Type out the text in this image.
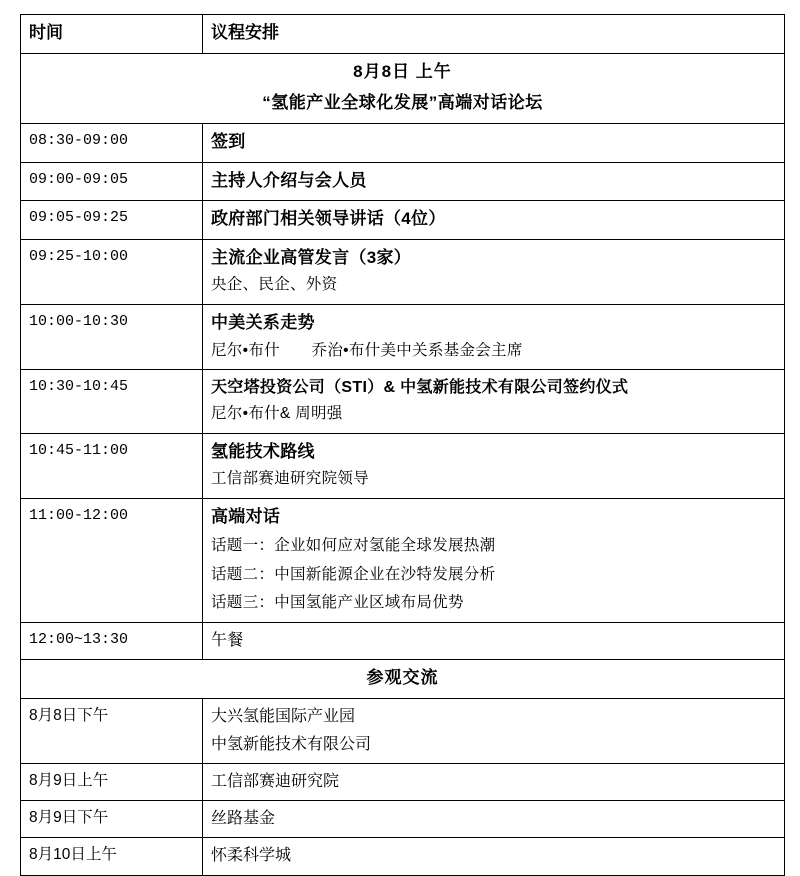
时间	议程安排

8月8日 上午
“氢能产业全球化发展”高端对话论坛	

08:30-09:00	签到

09:00-09:05	主持人介绍与会人员

09:05-09:25	政府部门相关领导讲话（4位）

09:25-10:00	主流企业高管发言（3家）
央企、民企、外资

10:00-10:30	中美关系走势
尼尔•布什　　乔治•布什美中关系基金会主席

10:30-10:45	天空塔投资公司（STI）& 中氢新能技术有限公司签约仪式
尼尔•布什& 周明强

10:45-11:00	氢能技术路线
工信部赛迪研究院领导

11:00-12:00	高端对话
话题一：企业如何应对氢能全球发展热潮
话题二：中国新能源企业在沙特发展分析
话题三：中国氢能产业区域布局优势

12:00~13:30	午餐

参观交流	
8月8日下午	大兴氢能国际产业园
中氢新能技术有限公司

8月9日上午	工信部赛迪研究院

8月9日下午	丝路基金

8月10日上午	怀柔科学城
